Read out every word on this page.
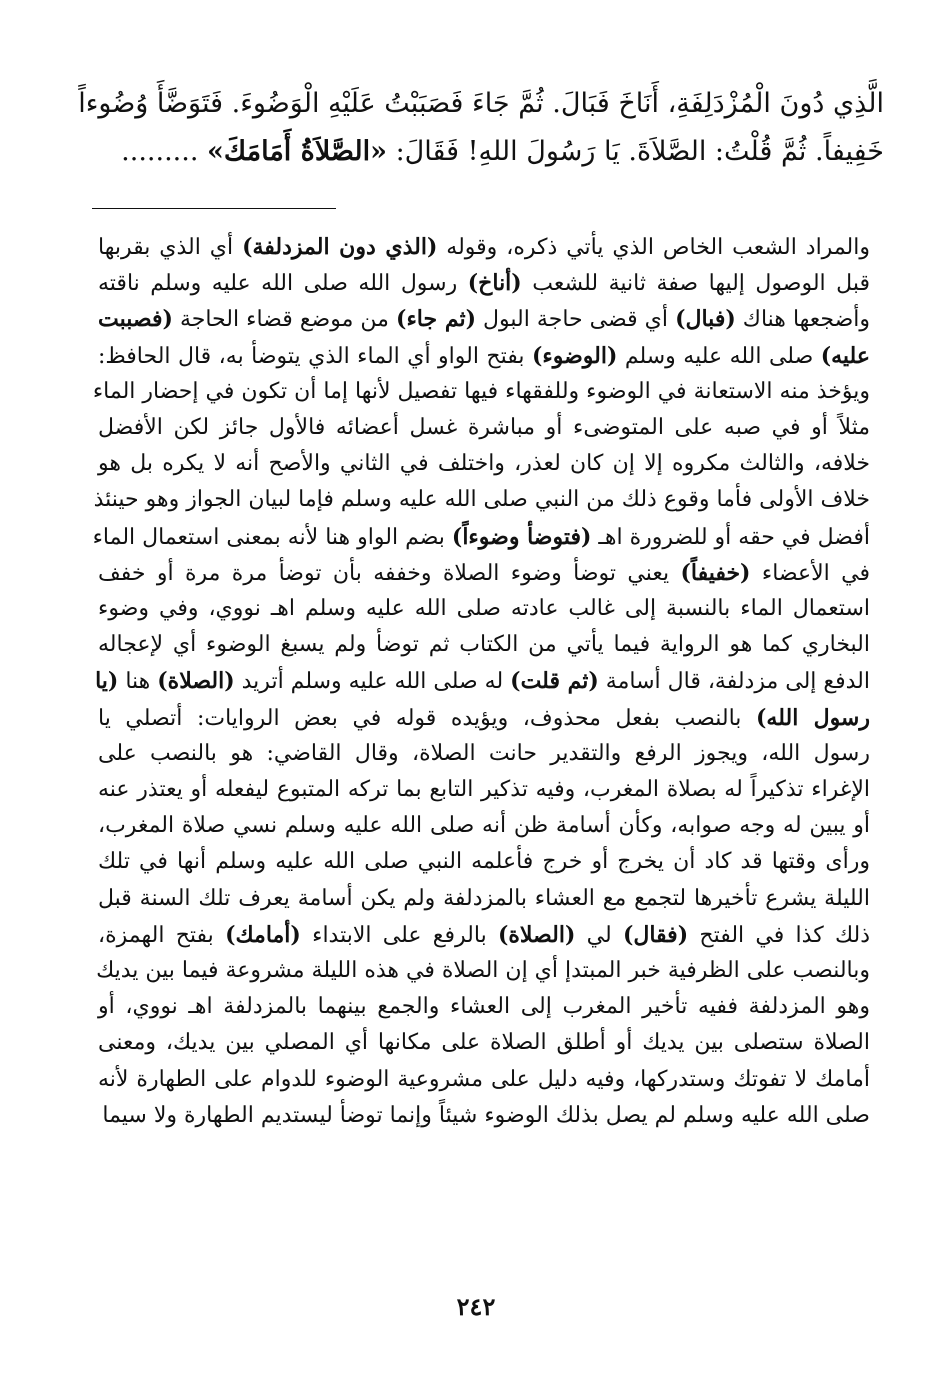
الَّذِي دُونَ الْمُزْدَلِفَةِ، أَنَاخَ فَبَالَ. ثُمَّ جَاءَ فَصَبَبْتُ عَلَيْهِ الْوَضُوءَ. فَتَوَضَّأَ وُضُوءاً
خَفِيفاً. ثُمَّ قُلْتُ: الصَّلاَةَ. يَا رَسُولَ اللهِ! فَقَالَ: «الصَّلاَةُ أَمَامَكَ» .........
والمراد الشعب الخاص الذي يأتي ذكره، وقوله (الذي دون المزدلفة) أي الذي بقربها
قبل الوصول إليها صفة ثانية للشعب (أناخ) رسول الله صلى الله عليه وسلم ناقته
وأضجعها هناك (فبال) أي قضى حاجة البول (ثم جاء) من موضع قضاء الحاجة (فصببت
عليه) صلى الله عليه وسلم (الوضوء) بفتح الواو أي الماء الذي يتوضأ به، قال الحافظ:
ويؤخذ منه الاستعانة في الوضوء وللفقهاء فيها تفصيل لأنها إما أن تكون في إحضار الماء
مثلاً أو في صبه على المتوضىء أو مباشرة غسل أعضائه فالأول جائز لكن الأفضل
خلافه، والثالث مكروه إلا إن كان لعذر، واختلف في الثاني والأصح أنه لا يكره بل هو
خلاف الأولى فأما وقوع ذلك من النبي صلى الله عليه وسلم فإما لبيان الجواز وهو حينئذ
أفضل في حقه أو للضرورة اهـ (فتوضأ وضوءاً) بضم الواو هنا لأنه بمعنى استعمال الماء
في الأعضاء (خفيفاً) يعني توضأ وضوء الصلاة وخففه بأن توضأ مرة مرة أو خفف
استعمال الماء بالنسبة إلى غالب عادته صلى الله عليه وسلم اهـ نووي، وفي وضوء
البخاري كما هو الرواية فيما يأتي من الكتاب ثم توضأ ولم يسبغ الوضوء أي لإعجاله
الدفع إلى مزدلفة، قال أسامة (ثم قلت) له صلى الله عليه وسلم أتريد (الصلاة) هنا (يا
رسول الله) بالنصب بفعل محذوف، ويؤيده قوله في بعض الروايات: أتصلي يا
رسول الله، ويجوز الرفع والتقدير حانت الصلاة، وقال القاضي: هو بالنصب على
الإغراء تذكيراً له بصلاة المغرب، وفيه تذكير التابع بما تركه المتبوع ليفعله أو يعتذر عنه
أو يبين له وجه صوابه، وكأن أسامة ظن أنه صلى الله عليه وسلم نسي صلاة المغرب،
ورأى وقتها قد كاد أن يخرج أو خرج فأعلمه النبي صلى الله عليه وسلم أنها في تلك
الليلة يشرع تأخيرها لتجمع مع العشاء بالمزدلفة ولم يكن أسامة يعرف تلك السنة قبل
ذلك كذا في الفتح (فقال) لي (الصلاة) بالرفع على الابتداء (أمامك) بفتح الهمزة،
وبالنصب على الظرفية خبر المبتدإ أي إن الصلاة في هذه الليلة مشروعة فيما بين يديك
وهو المزدلفة ففيه تأخير المغرب إلى العشاء والجمع بينهما بالمزدلفة اهـ نووي، أو
الصلاة ستصلى بين يديك أو أطلق الصلاة على مكانها أي المصلي بين يديك، ومعنى
أمامك لا تفوتك وستدركها، وفيه دليل على مشروعية الوضوء للدوام على الطهارة لأنه
صلى الله عليه وسلم لم يصل بذلك الوضوء شيئاً وإنما توضأ ليستديم الطهارة ولا سيما
٢٤٢
